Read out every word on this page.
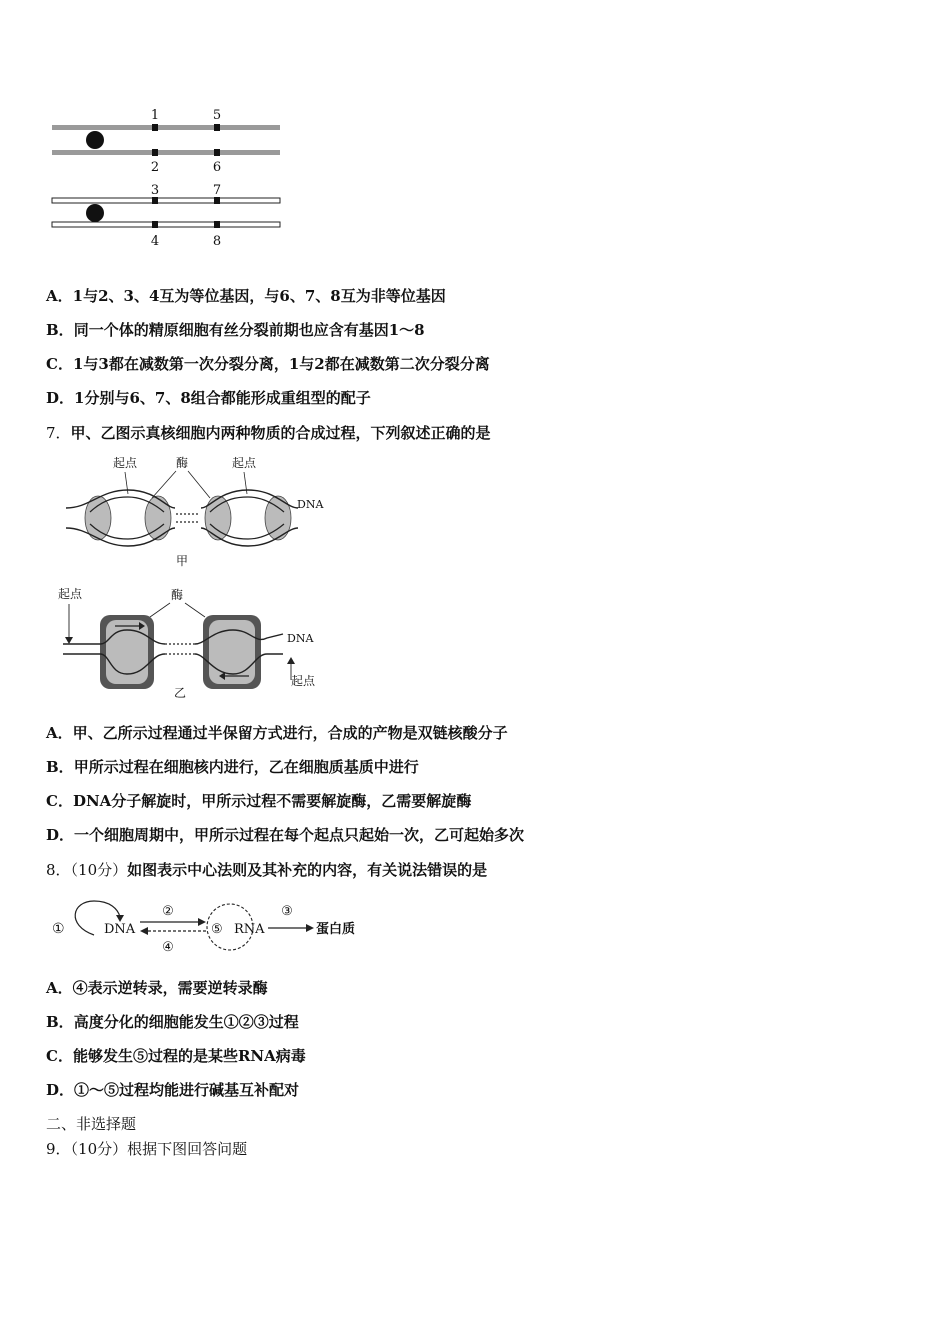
1	5
2	6
3	7
4	8
A．1与2、3、4互为等位基因，与6、7、8互为非等位基因
B．同一个体的精原细胞有丝分裂前期也应含有基因1～8
C．1与3都在减数第一次分裂分离，1与2都在减数第二次分裂分离
D．1分别与6、7、8组合都能形成重组型的配子
7．甲、乙图示真核细胞内两种物质的合成过程，下列叙述正确的是
起点	酶	起点
DNA
甲
起点	酶
DNA
起点
乙
A．甲、乙所示过程通过半保留方式进行，合成的产物是双链核酸分子
B．甲所示过程在细胞核内进行，乙在细胞质基质中进行
C．DNA分子解旋时，甲所示过程不需要解旋酶，乙需要解旋酶
D．一个细胞周期中，甲所示过程在每个起点只起始一次，乙可起始多次
8．（10分）如图表示中心法则及其补充的内容，有关说法错误的是
①	DNA
②
④
⑤ RNA
③
蛋白质
A．④表示逆转录，需要逆转录酶
B．高度分化的细胞能发生①②③过程
C．能够发生⑤过程的是某些RNA病毒
D．①～⑤过程均能进行碱基互补配对
二、非选择题
9．（10分）根据下图回答问题
